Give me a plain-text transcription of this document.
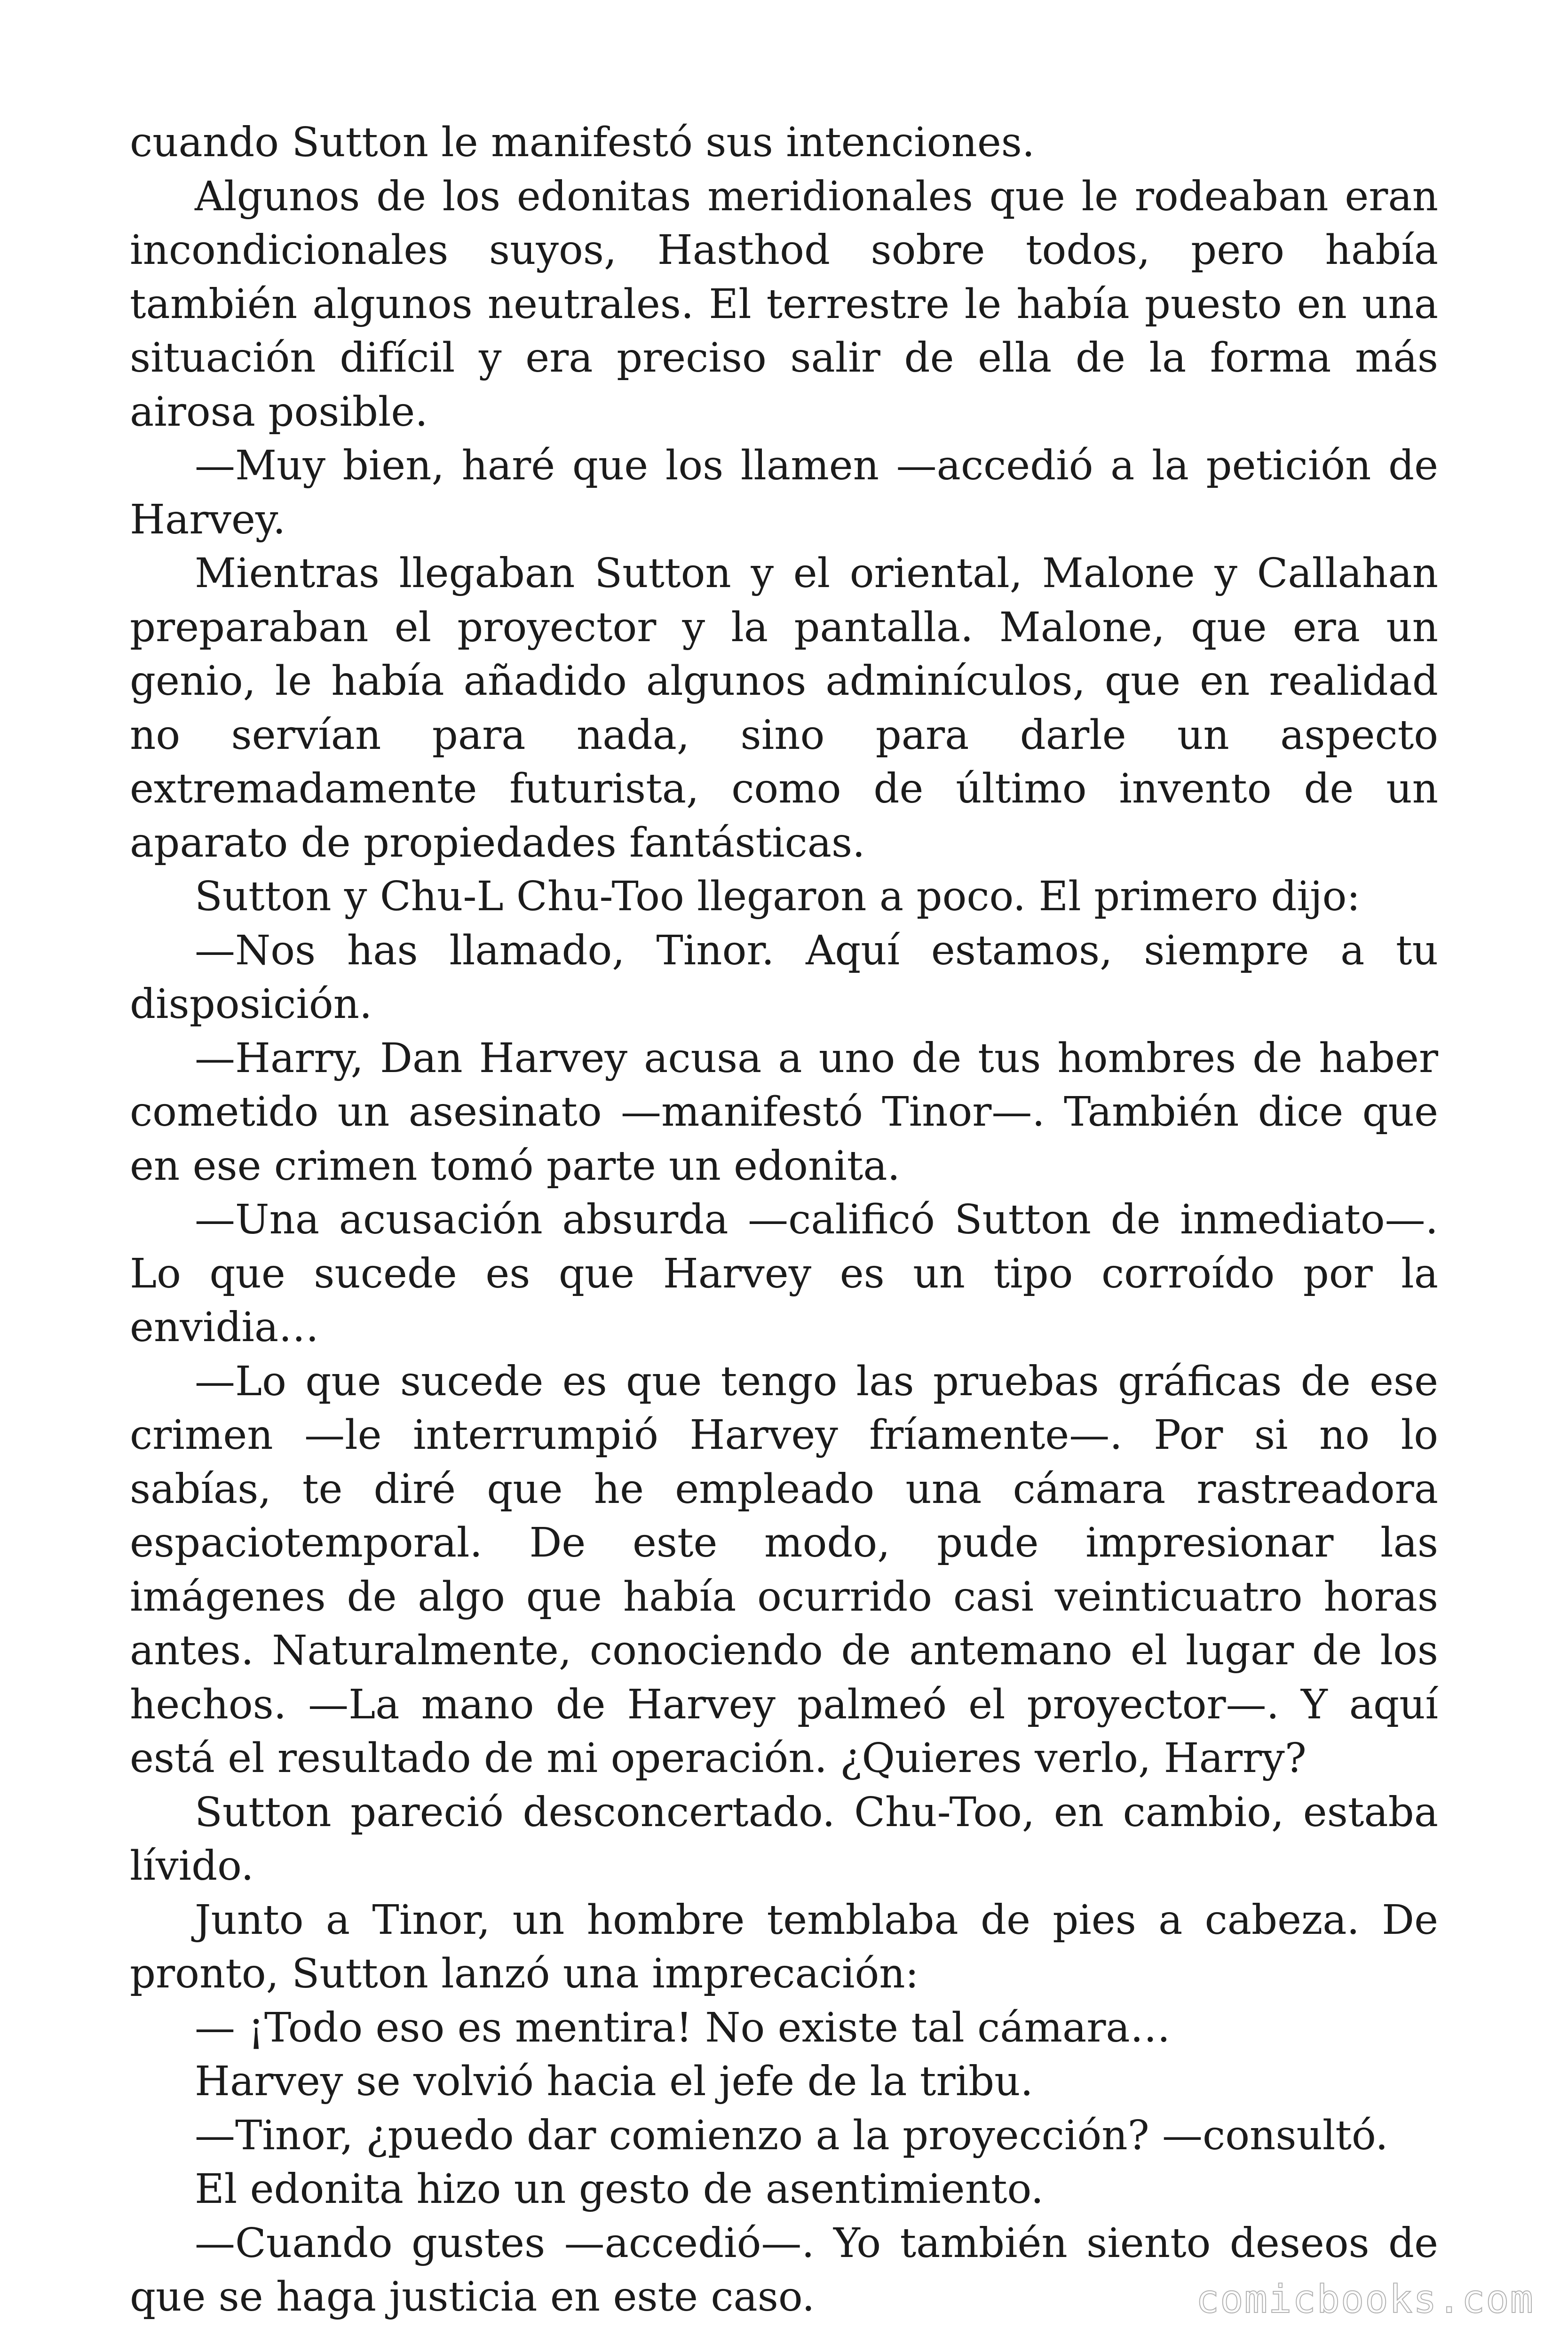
cuando Sutton le manifestó sus intenciones.

Algunos de los edonitas meridionales que le rodeaban eran incondicionales suyos, Hasthod sobre todos, pero había también algunos neutrales. El terrestre le había puesto en una situación difícil y era preciso salir de ella de la forma más airosa posible.

—Muy bien, haré que los llamen —accedió a la petición de Harvey.

Mientras llegaban Sutton y el oriental, Malone y Callahan preparaban el proyector y la pantalla. Malone, que era un genio, le había añadido algunos adminículos, que en realidad no servían para nada, sino para darle un aspecto extremadamente futurista, como de último invento de un aparato de propiedades fantásticas.

Sutton y Chu-L Chu-Too llegaron a poco. El primero dijo:

—Nos has llamado, Tinor. Aquí estamos, siempre a tu disposición.

—Harry, Dan Harvey acusa a uno de tus hombres de haber cometido un asesinato —manifestó Tinor—. También dice que en ese crimen tomó parte un edonita.

—Una acusación absurda —calificó Sutton de inmediato—. Lo que sucede es que Harvey es un tipo corroído por la envidia…

—Lo que sucede es que tengo las pruebas gráficas de ese crimen —le interrumpió Harvey fríamente—. Por si no lo sabías, te diré que he empleado una cámara rastreadora espaciotemporal. De este modo, pude impresionar las imágenes de algo que había ocurrido casi veinticuatro horas antes. Naturalmente, conociendo de antemano el lugar de los hechos. —La mano de Harvey palmeó el proyector—. Y aquí está el resultado de mi operación. ¿Quieres verlo, Harry?

Sutton pareció desconcertado. Chu-Too, en cambio, estaba lívido.

Junto a Tinor, un hombre temblaba de pies a cabeza. De pronto, Sutton lanzó una imprecación:

— ¡Todo eso es mentira! No existe tal cámara…

Harvey se volvió hacia el jefe de la tribu.

—Tinor, ¿puedo dar comienzo a la proyección? —consultó.

El edonita hizo un gesto de asentimiento.

—Cuando gustes —accedió—. Yo también siento deseos de que se haga justicia en este caso.	comicbooks.com
